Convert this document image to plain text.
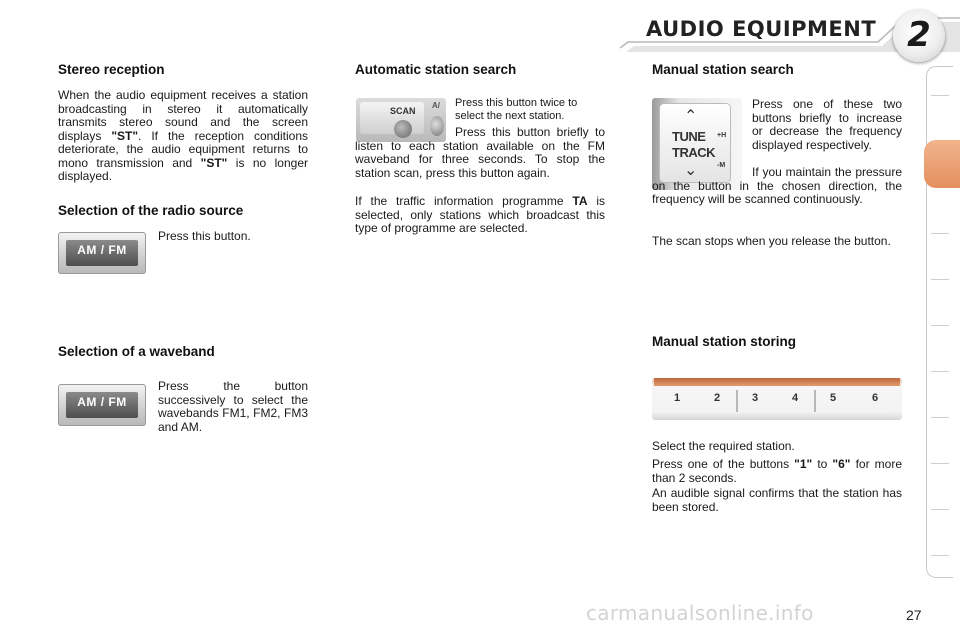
AUDIO EQUIPMENT 2
Stereo reception

When the audio equipment receives a station broadcasting in stereo it automatically transmits stereo sound and the screen displays "ST". If the reception conditions deteriorate, the audio equipment returns to mono transmission and "ST" is no longer displayed.

Selection of the radio source
AM / FM

Press this button.

Selection of a waveband
AM / FM

Press the button successively to select the wavebands FM1, FM2, FM3 and AM.

Automatic station search
SCAN
A/ Press this button twice to select the next station.

Press this button briefly to listen to each station available on the FM waveband for three seconds. To stop the station scan, press this button again.

If the traffic information programme TA is selected, only stations which broadcast this type of programme are selected.

Manual station search
⌃
TUNE
TRACK
⌄
+H
-M

Press one of these two buttons briefly to increase or decrease the frequency displayed respectively.

If you maintain the pressure on the button in the chosen direction, the frequency will be scanned continuously.

The scan stops when you release the button.

Manual station storing
1	2	3	4	5	6

Select the required station.

Press one of the buttons "1" to "6" for more than 2 seconds.

An audible signal confirms that the station has been stored.

carmanualsonline.info	27
